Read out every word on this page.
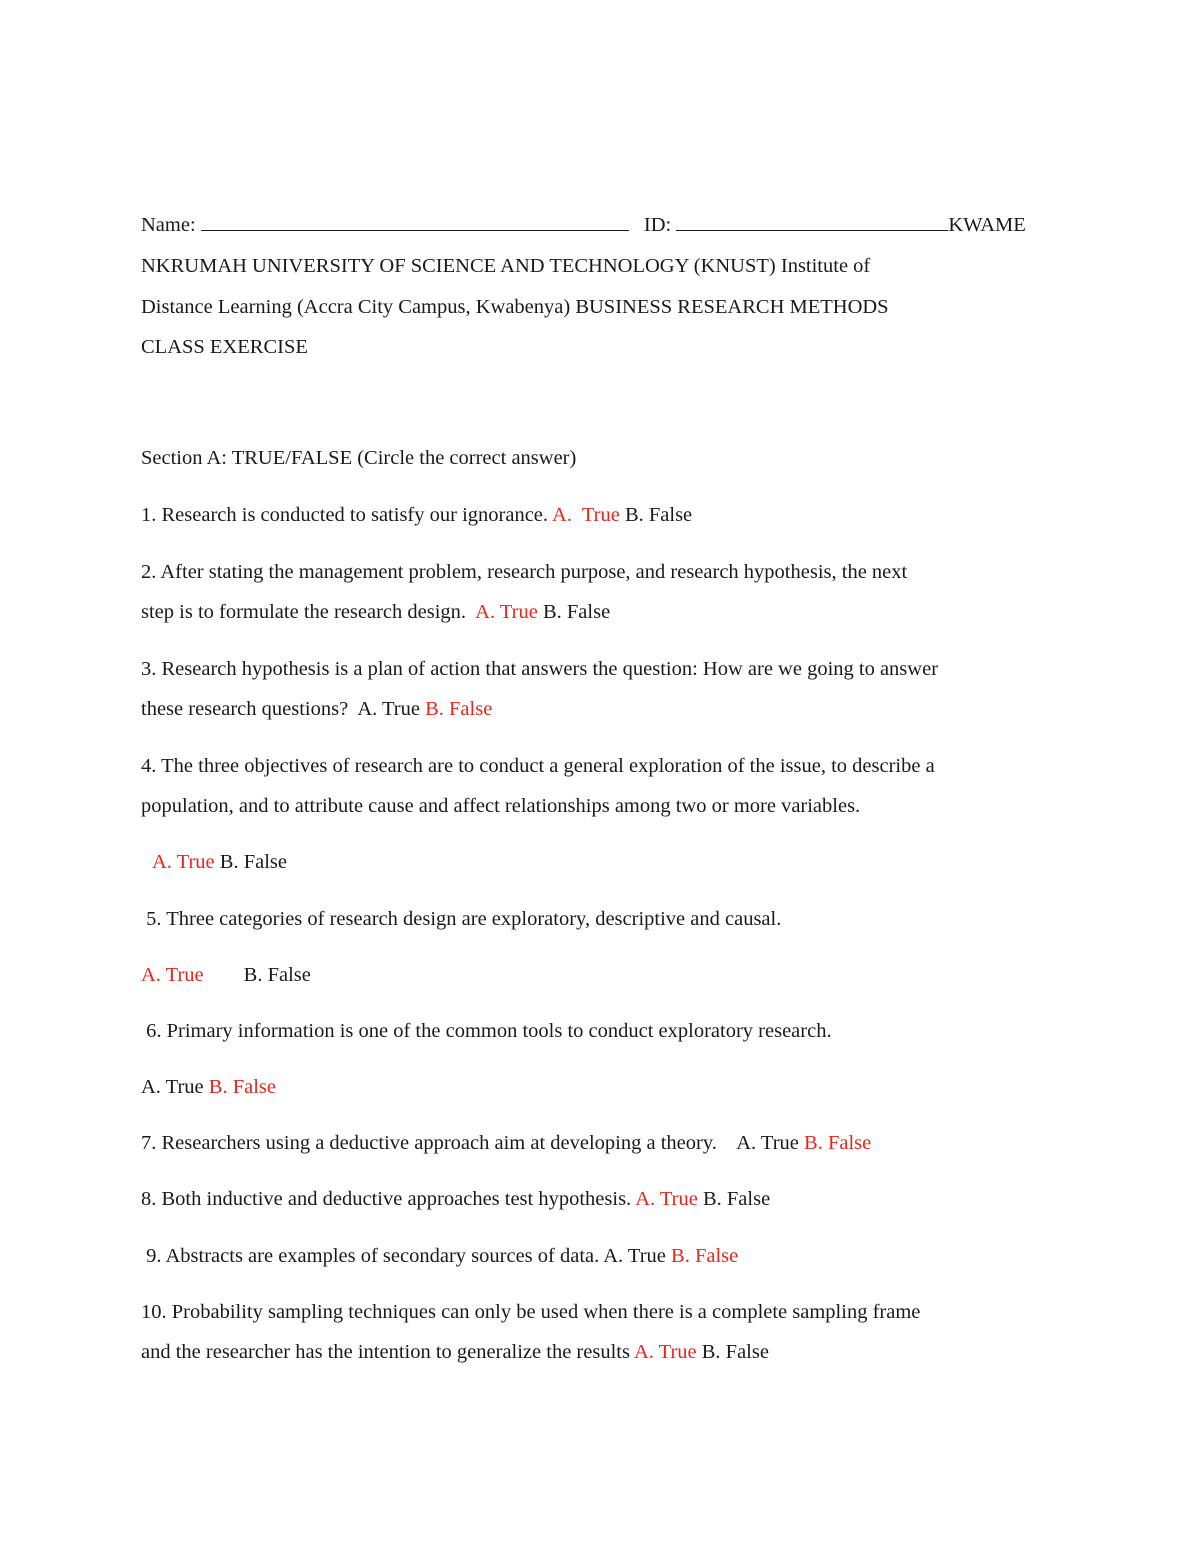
Name:	ID:	KWAME
NKRUMAH UNIVERSITY OF SCIENCE AND TECHNOLOGY (KNUST) Institute of
Distance Learning (Accra City Campus, Kwabenya) BUSINESS RESEARCH METHODS
CLASS EXERCISE
Section A: TRUE/FALSE (Circle the correct answer)
1. Research is conducted to satisfy our ignorance. A.  True B. False
2. After stating the management problem, research purpose, and research hypothesis, the next
step is to formulate the research design.  A. True B. False
3. Research hypothesis is a plan of action that answers the question: How are we going to answer
these research questions?  A. True B. False
4. The three objectives of research are to conduct a general exploration of the issue, to describe a
population, and to attribute cause and affect relationships among two or more variables.
A. True B. False
5. Three categories of research design are exploratory, descriptive and causal.
A. True B. False
6. Primary information is one of the common tools to conduct exploratory research.
A. True B. False
7. Researchers using a deductive approach aim at developing a theory.    A. True B. False
8. Both inductive and deductive approaches test hypothesis. A. True B. False
9. Abstracts are examples of secondary sources of data. A. True B. False
10. Probability sampling techniques can only be used when there is a complete sampling frame
and the researcher has the intention to generalize the results A. True B. False
